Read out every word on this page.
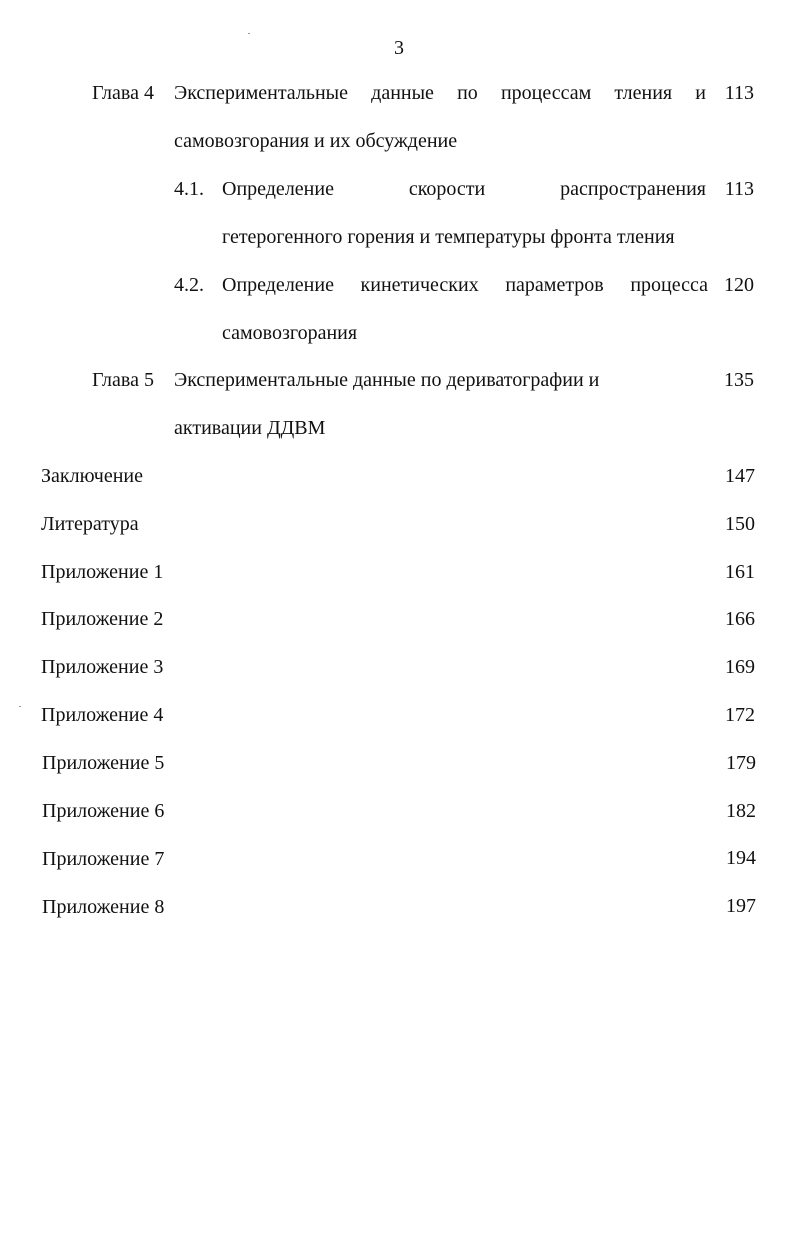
3
Глава 4 Экспериментальные данные по процессам тления и 113
самовозгорания и их обсуждение
4.1. Определение скорости распространения 113
гетерогенного горения и температуры фронта тления
4.2. Определение кинетических параметров процесса 120
самовозгорания
Глава 5 Экспериментальные данные по дериватографии и	135
активации ДДВМ
Заключение	147
Литература	150
Приложение 1	161
Приложение 2	166
Приложение 3	169
Приложение 4	172
Приложение 5	179
Приложение 6	182
Приложение 7	194
Приложение 8	197
